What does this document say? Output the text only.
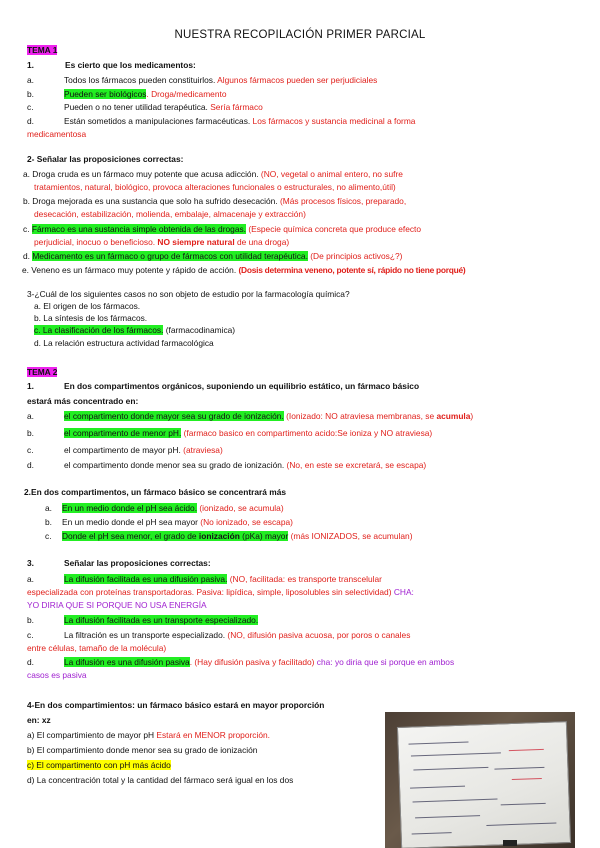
NUESTRA RECOPILACIÓN PRIMER PARCIAL
TEMA 1
1.	Es cierto que los medicamentos:
a.	Todos los fármacos pueden constituirlos. Algunos fármacos pueden ser perjudiciales
b.	Pueden ser biológicos. Droga/medicamento
c.	Pueden o no tener utilidad terapéutica. Sería fármaco
d.	Están sometidos a manipulaciones farmacéuticas. Los fármacos y sustancia medicinal a forma
medicamentosa
2- Señalar las proposiciones correctas:
a. Droga cruda es un fármaco muy potente que acusa adicción. (NO, vegetal o animal entero, no sufre
tratamientos, natural, biológico, provoca alteraciones funcionales o estructurales, no alimento,útil)
b. Droga mejorada es una sustancia que solo ha sufrido desecación. (Más procesos físicos, preparado,
desecación, estabilización, molienda, embalaje, almacenaje y extracción)
c. Fármaco es una sustancia simple obtenida de las drogas. (Especie química concreta que produce efecto
perjudicial, inocuo o beneficioso. NO siempre natural de una droga)
d. Medicamento es un fármaco o grupo de fármacos con utilidad terapéutica. (De principios activos¿?)
e. Veneno es un fármaco muy potente y rápido de acción. (Dosis determina veneno, potente sí, rápido no tiene porqué)
3-¿Cuál de los siguientes casos no son objeto de estudio por la farmacología química?
a. El origen de los fármacos.
b. La síntesis de los fármacos.
c. La clasificación de los fármacos. (farmacodinamica)
d. La relación estructura actividad farmacológica
TEMA 2
1.	En dos compartimentos orgánicos, suponiendo un equilibrio estático, un fármaco básico
estará más concentrado en:
a.	el compartimento donde mayor sea su grado de ionización. (Ionizado: NO atraviesa membranas, se acumula)
b.	el compartimento de menor pH. (farmaco basico en compartimento acido:Se ioniza y NO atraviesa)
c.	el compartimento de mayor pH. (atraviesa)
d.	el compartimento donde menor sea su grado de ionización. (No, en este se excretará, se escapa)
2.En dos compartimentos, un fármaco básico se concentrará más
a. En un medio donde el pH sea ácido. (ionizado, se acumula)
b. En un medio donde el pH sea mayor (No ionizado, se escapa)
c. Donde el pH sea menor, el grado de ionización (pKa) mayor (más IONIZADOS, se acumulan)
3.	Señalar las proposiciones correctas:
a.	La difusión facilitada es una difusión pasiva. (NO, facilitada: es transporte transcelular
especializada con proteínas transportadoras. Pasiva: lipídica, simple, liposolubles sin selectividad) CHA:
YO DIRIA QUE SI PORQUE NO USA ENERGÍA
b.	La difusión facilitada es un transporte especializado.
c.	La filtración es un transporte especializado. (NO, difusión pasiva acuosa, por poros o canales
entre células, tamaño de la molécula)
d.	La difusión es una difusión pasiva. (Hay difusión pasiva y facilitado) cha: yo diria que si porque en ambos
casos es pasiva
4-En dos compartimientos: un fármaco básico estará en mayor proporción
en: xz
a) El compartimiento de mayor pH Estará en MENOR proporción.
b) El compartimiento donde menor sea su grado de ionización
c) El compartimento con pH más ácido
d) La concentración total y la cantidad del fármaco será igual en los dos
